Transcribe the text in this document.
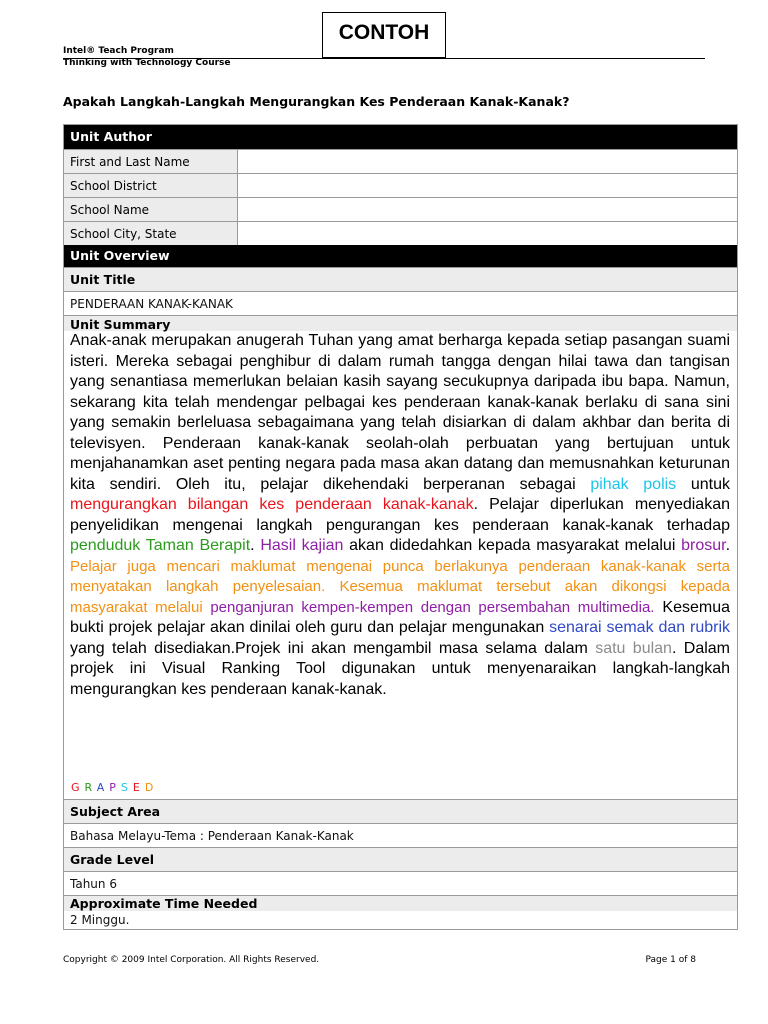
CONTOH
Intel® Teach Program
Thinking with Technology Course
Apakah Langkah-Langkah Mengurangkan Kes Penderaan Kanak-Kanak?
Unit Author
First and Last Name
School District
School Name
School City, State
Unit Overview
Unit Title
PENDERAAN KANAK-KANAK
Unit Summary

Anak-anak merupakan anugerah Tuhan yang amat berharga kepada setiap pasangan suami isteri. Mereka sebagai penghibur di dalam rumah tangga dengan hilai tawa dan tangisan yang senantiasa memerlukan belaian kasih sayang secukupnya daripada ibu bapa. Namun, sekarang kita telah mendengar pelbagai kes penderaan kanak-kanak berlaku di sana sini yang semakin berleluasa sebagaimana yang telah disiarkan di dalam akhbar dan berita di televisyen. Penderaan kanak-kanak seolah-olah perbuatan yang bertujuan untuk menjahanamkan aset penting negara pada masa akan datang dan memusnahkan keturunan kita sendiri. Oleh itu, pelajar dikehendaki berperanan sebagai pihak polis untuk mengurangkan bilangan kes penderaan kanak-kanak. Pelajar diperlukan menyediakan penyelidikan mengenai langkah pengurangan kes penderaan kanak-kanak terhadap penduduk Taman Berapit. Hasil kajian akan didedahkan kepada masyarakat melalui brosur. Pelajar juga mencari maklumat mengenai punca berlakunya penderaan kanak-kanak serta menyatakan langkah penyelesaian. Kesemua maklumat tersebut akan dikongsi kepada masyarakat melalui penganjuran kempen-kempen dengan persembahan multimedia. Kesemua bukti projek pelajar akan dinilai oleh guru dan pelajar mengunakan senarai semak dan rubrik yang telah disediakan.Projek ini akan mengambil masa selama dalam satu bulan. Dalam projek ini Visual Ranking Tool digunakan untuk menyenaraikan langkah-langkah mengurangkan kes penderaan kanak-kanak.

GRAPSED
Subject Area
Bahasa Melayu-Tema : Penderaan Kanak-Kanak
Grade Level
Tahun 6
Approximate Time Needed
2 Minggu.
Copyright © 2009 Intel Corporation. All Rights Reserved.	Page 1 of 8
